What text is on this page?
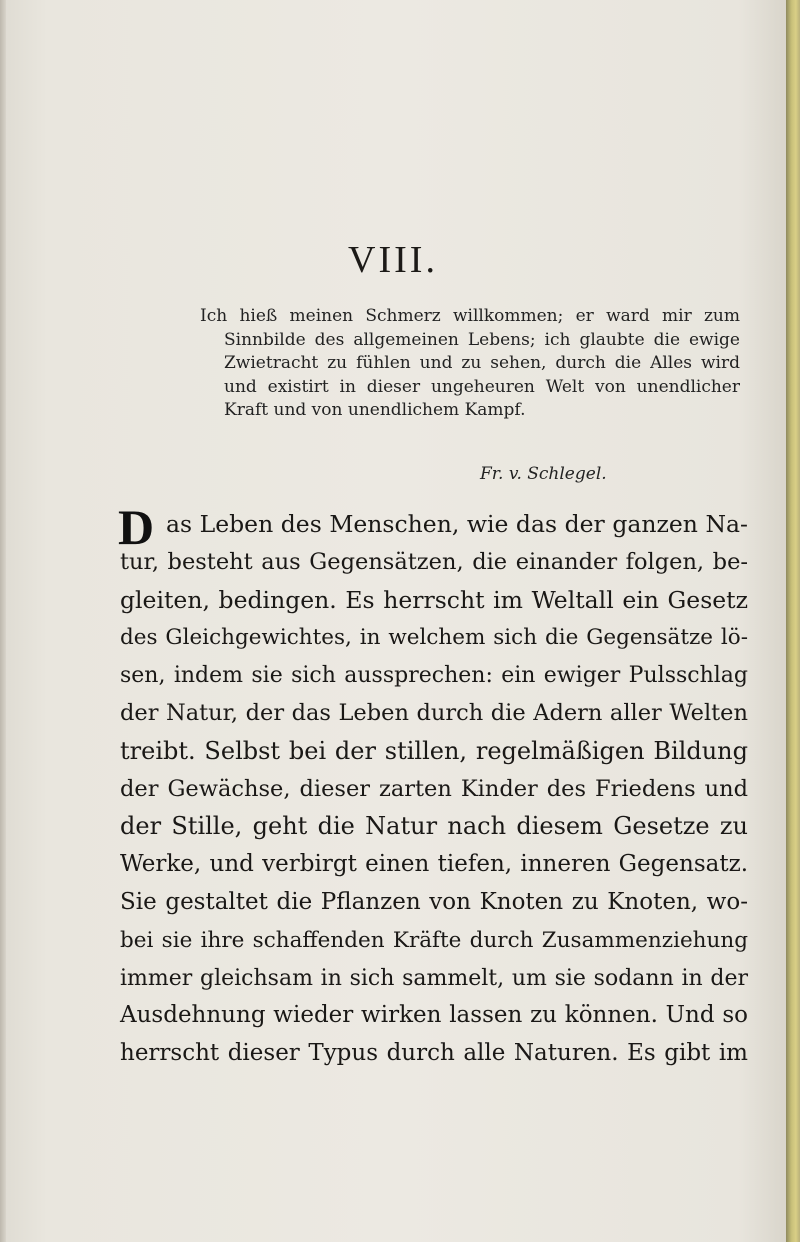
VIII.
Ich hieß meinen Schmerz willkommen; er ward mir zum Sinnbilde des allgemeinen Lebens; ich glaubte die ewige Zwietracht zu fühlen und zu sehen, durch die Alles wird und existirt in dieser ungeheuren Welt von unendlicher Kraft und von unendlichem Kampf.
Fr. v. Schlegel.
D as Leben des Menschen, wie das der ganzen Na-
tur, besteht aus Gegensätzen, die einander folgen, be-
gleiten, bedingen. Es herrscht im Weltall ein Gesetz
des Gleichgewichtes, in welchem sich die Gegensätze lö-
sen, indem sie sich aussprechen: ein ewiger Pulsschlag
der Natur, der das Leben durch die Adern aller Welten
treibt. Selbst bei der stillen, regelmäßigen Bildung
der Gewächse, dieser zarten Kinder des Friedens und
der Stille, geht die Natur nach diesem Gesetze zu
Werke, und verbirgt einen tiefen, inneren Gegensatz.
Sie gestaltet die Pflanzen von Knoten zu Knoten, wo-
bei sie ihre schaffenden Kräfte durch Zusammenziehung
immer gleichsam in sich sammelt, um sie sodann in der
Ausdehnung wieder wirken lassen zu können. Und so
herrscht dieser Typus durch alle Naturen. Es gibt im
